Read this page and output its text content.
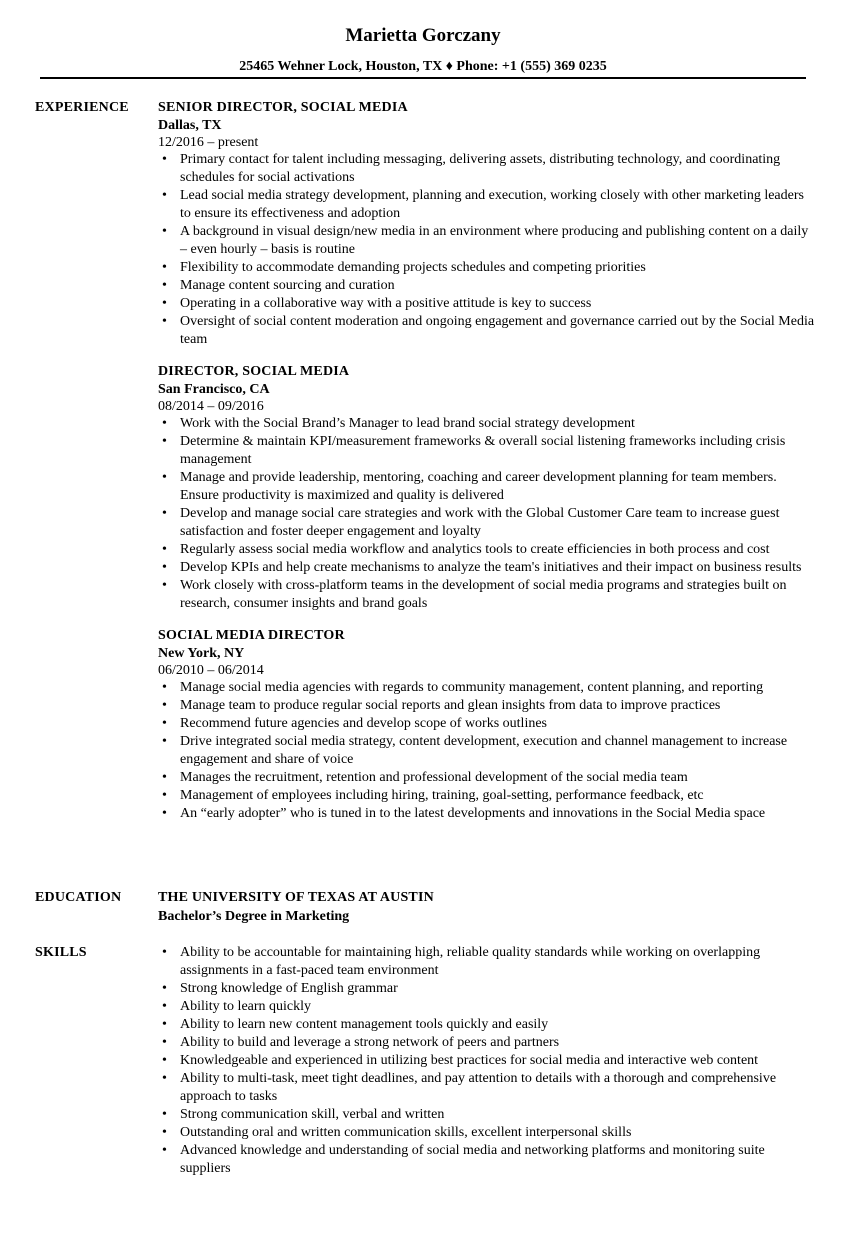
Marietta Gorczany
25465 Wehner Lock, Houston, TX ♦ Phone: +1 (555) 369 0235
EXPERIENCE SENIOR DIRECTOR, SOCIAL MEDIA
Dallas, TX
12/2016 – present
• Primary contact for talent including messaging, delivering assets, distributing technology, and coordinating schedules for social activations
• Lead social media strategy development, planning and execution, working closely with other marketing leaders to ensure its effectiveness and adoption
• A background in visual design/new media in an environment where producing and publishing content on a daily – even hourly – basis is routine
• Flexibility to accommodate demanding projects schedules and competing priorities
• Manage content sourcing and curation
• Operating in a collaborative way with a positive attitude is key to success
• Oversight of social content moderation and ongoing engagement and governance carried out by the Social Media team
DIRECTOR, SOCIAL MEDIA
San Francisco, CA
08/2014 – 09/2016
• Work with the Social Brand’s Manager to lead brand social strategy development
• Determine & maintain KPI/measurement frameworks & overall social listening frameworks including crisis management
• Manage and provide leadership, mentoring, coaching and career development planning for team members. Ensure productivity is maximized and quality is delivered
• Develop and manage social care strategies and work with the Global Customer Care team to increase guest satisfaction and foster deeper engagement and loyalty
• Regularly assess social media workflow and analytics tools to create efficiencies in both process and cost
• Develop KPIs and help create mechanisms to analyze the team's initiatives and their impact on business results
• Work closely with cross-platform teams in the development of social media programs and strategies built on research, consumer insights and brand goals
SOCIAL MEDIA DIRECTOR
New York, NY
06/2010 – 06/2014
• Manage social media agencies with regards to community management, content planning, and reporting
• Manage team to produce regular social reports and glean insights from data to improve practices
• Recommend future agencies and develop scope of works outlines
• Drive integrated social media strategy, content development, execution and channel management to increase engagement and share of voice
• Manages the recruitment, retention and professional development of the social media team
• Management of employees including hiring, training, goal-setting, performance feedback, etc
• An “early adopter” who is tuned in to the latest developments and innovations in the Social Media space
EDUCATION	THE UNIVERSITY OF TEXAS AT AUSTIN
Bachelor’s Degree in Marketing
SKILLS	• Ability to be accountable for maintaining high, reliable quality standards while working on overlapping assignments in a fast-paced team environment
• Strong knowledge of English grammar
• Ability to learn quickly
• Ability to learn new content management tools quickly and easily
• Ability to build and leverage a strong network of peers and partners
• Knowledgeable and experienced in utilizing best practices for social media and interactive web content
• Ability to multi-task, meet tight deadlines, and pay attention to details with a thorough and comprehensive approach to tasks
• Strong communication skill, verbal and written
• Outstanding oral and written communication skills, excellent interpersonal skills
• Advanced knowledge and understanding of social media and networking platforms and monitoring suite suppliers
